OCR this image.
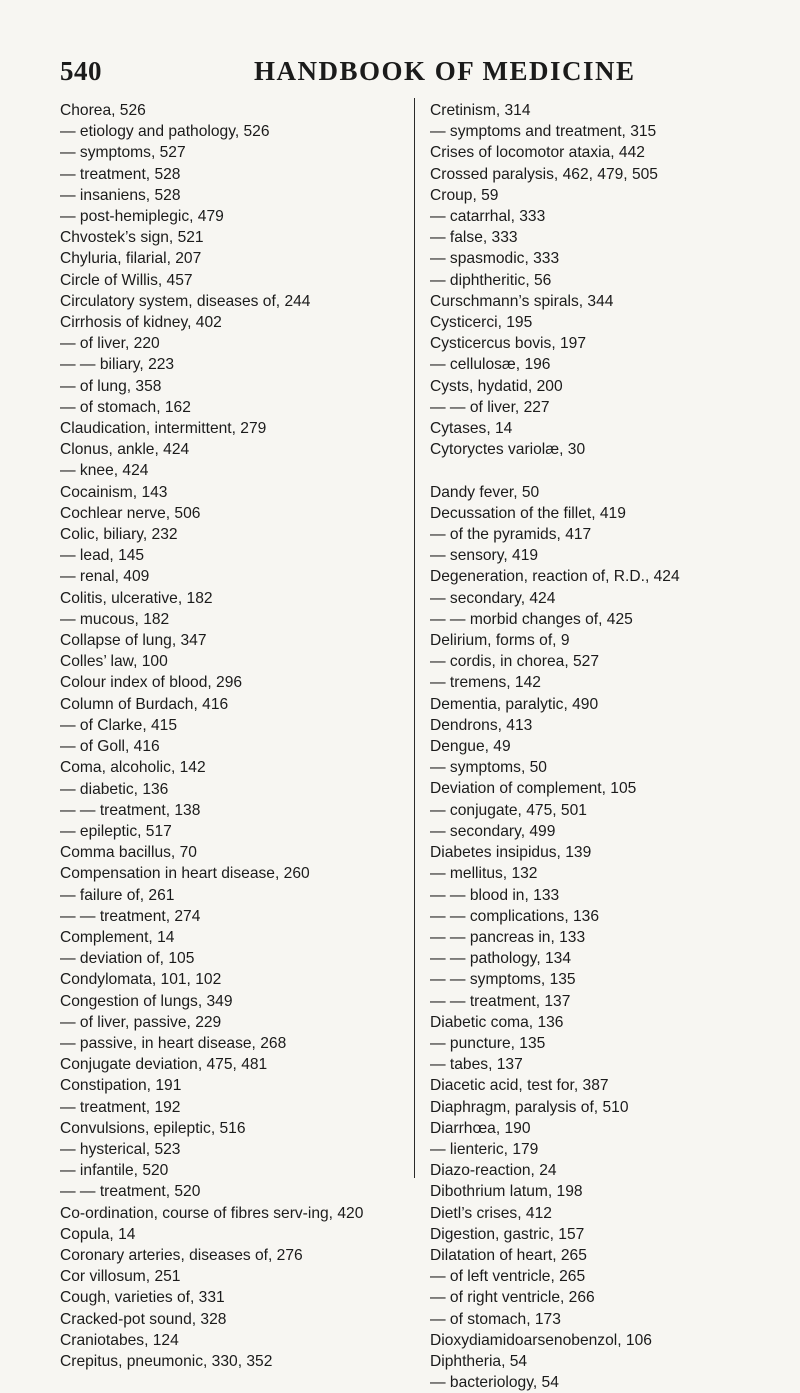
540	HANDBOOK OF MEDICINE
Chorea, 526
— etiology and pathology, 526
— symptoms, 527
— treatment, 528
— insaniens, 528
— post-hemiplegic, 479
Chvostek’s sign, 521
Chyluria, filarial, 207
Circle of Willis, 457
Circulatory system, diseases of, 244
Cirrhosis of kidney, 402
— of liver, 220
— — biliary, 223
— of lung, 358
— of stomach, 162
Claudication, intermittent, 279
Clonus, ankle, 424
— knee, 424
Cocainism, 143
Cochlear nerve, 506
Colic, biliary, 232
— lead, 145
— renal, 409
Colitis, ulcerative, 182
— mucous, 182
Collapse of lung, 347
Colles’ law, 100
Colour index of blood, 296
Column of Burdach, 416
— of Clarke, 415
— of Goll, 416
Coma, alcoholic, 142
— diabetic, 136
— — treatment, 138
— epileptic, 517
Comma bacillus, 70
Compensation in heart disease, 260
— failure of, 261
— — treatment, 274
Complement, 14
— deviation of, 105
Condylomata, 101, 102
Congestion of lungs, 349
— of liver, passive, 229
— passive, in heart disease, 268
Conjugate deviation, 475, 481
Constipation, 191
— treatment, 192
Convulsions, epileptic, 516
— hysterical, 523
— infantile, 520
— — treatment, 520
Co-ordination, course of fibres serv-ing, 420
Copula, 14
Coronary arteries, diseases of, 276
Cor villosum, 251
Cough, varieties of, 331
Cracked-pot sound, 328
Craniotabes, 124
Crepitus, pneumonic, 330, 352
Cretinism, 314
— symptoms and treatment, 315
Crises of locomotor ataxia, 442
Crossed paralysis, 462, 479, 505
Croup, 59
— catarrhal, 333
— false, 333
— spasmodic, 333
— diphtheritic, 56
Curschmann’s spirals, 344
Cysticerci, 195
Cysticercus bovis, 197
— cellulosæ, 196
Cysts, hydatid, 200
— — of liver, 227
Cytases, 14
Cytoryctes variolæ, 30
Dandy fever, 50
Decussation of the fillet, 419
— of the pyramids, 417
— sensory, 419
Degeneration, reaction of, R.D., 424
— secondary, 424
— — morbid changes of, 425
Delirium, forms of, 9
— cordis, in chorea, 527
— tremens, 142
Dementia, paralytic, 490
Dendrons, 413
Dengue, 49
— symptoms, 50
Deviation of complement, 105
— conjugate, 475, 501
— secondary, 499
Diabetes insipidus, 139
— mellitus, 132
— — blood in, 133
— — complications, 136
— — pancreas in, 133
— — pathology, 134
— — symptoms, 135
— — treatment, 137
Diabetic coma, 136
— puncture, 135
— tabes, 137
Diacetic acid, test for, 387
Diaphragm, paralysis of, 510
Diarrhœa, 190
— lienteric, 179
Diazo-reaction, 24
Dibothrium latum, 198
Dietl’s crises, 412
Digestion, gastric, 157
Dilatation of heart, 265
— of left ventricle, 265
— of right ventricle, 266
— of stomach, 173
Dioxydiamidoarsenobenzol, 106
Diphtheria, 54
— bacteriology, 54
